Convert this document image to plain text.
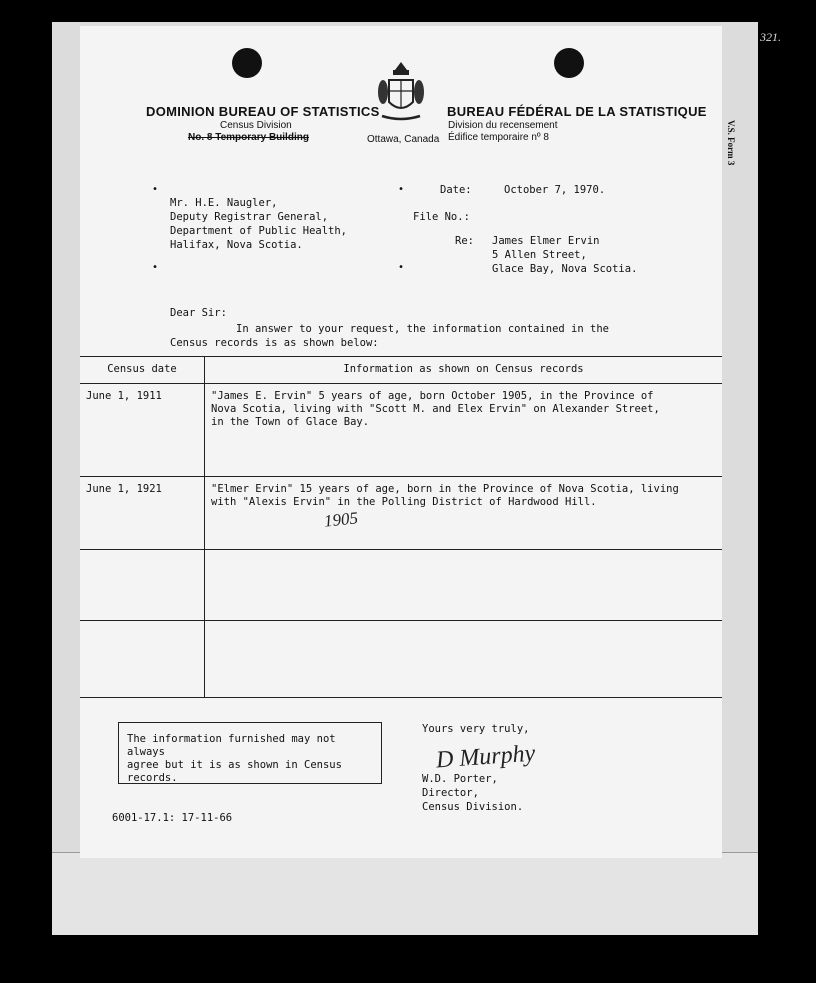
V.S. Form 3
321.
DOMINION BUREAU OF STATISTICS
Census Division
No. 8 Temporary Building	Ottawa, Canada
BUREAU FÉDÉRAL DE LA STATISTIQUE
Division du recensement
Édifice temporaire nº 8
•	•
•	•
Mr. H.E. Naugler,
Deputy Registrar General,
Department of Public Health,
Halifax, Nova Scotia.
Date:	October 7, 1970.
File No.:
Re: James Elmer Ervin
5 Allen Street,
Glace Bay, Nova Scotia.
Dear Sir:
In answer to your request, the information contained in the
Census records is as shown below:
Census date	Information as shown on Census records
June 1, 1911	"James E. Ervin" 5 years of age, born October 1905, in the Province of
Nova Scotia, living with "Scott M. and Elex Ervin" on Alexander Street,
in the Town of Glace Bay.

June 1, 1921	"Elmer Ervin" 15 years of age, born in the Province of Nova Scotia, living
with "Alexis Ervin" in the Polling District of Hardwood Hill.

1905
The information furnished may not always
agree but it is as shown in Census
records.
Yours very truly,
D Murphy
W.D. Porter,
Director,
Census Division.
6001-17.1: 17-11-66
